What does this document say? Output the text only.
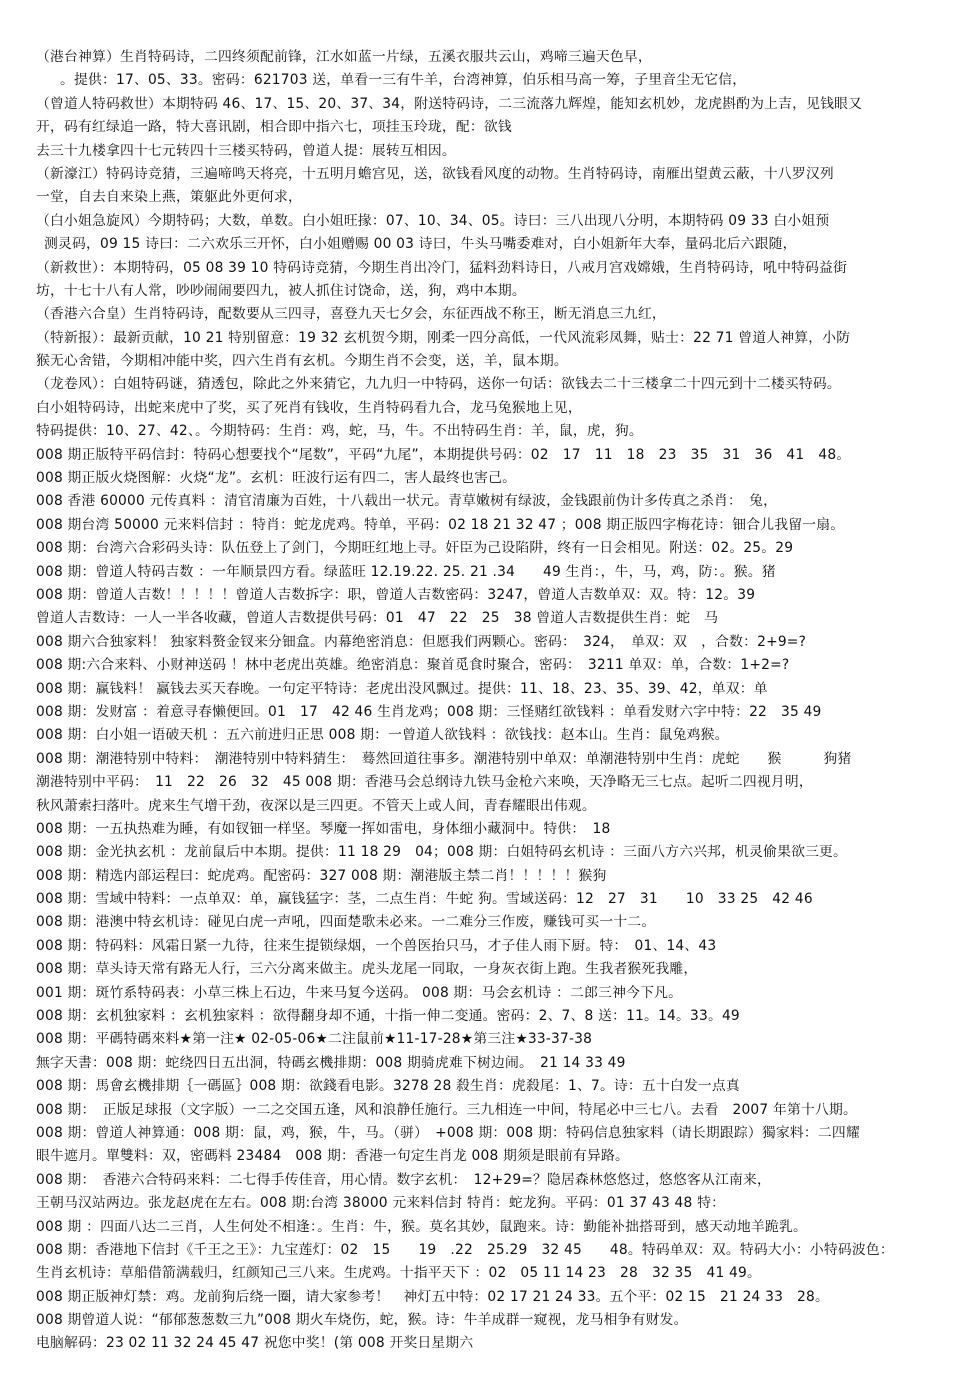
（港台神算）生肖特码诗，二四终须配前锋，江水如蓝一片绿，五溪衣服共云山，鸡啼三遍天色早，
。提供：17、05、33。密码：621703 送，单看一三有牛羊，台湾神算，伯乐相马高一筹，子里音尘无它信，
（曾道人特码救世）本期特码 46、17、15、20、37、34，附送特码诗，二三流落九辉煌，能知玄机妙，龙虎斟酌为上吉，见钱眼又
开，码有红绿追一路，特大喜讯剧，相合即中指六七，项挂玉玲珑，配：欲钱
去三十九楼拿四十七元转四十三楼买特码，曾道人提：展转互相因。
（新濠江）特码诗竞猜，三遍啼鸣天将亮，十五明月蟾宫见，送，欲钱看风度的动物。生肖特码诗，南雁出望黄云蔽，十八罗汉列
一堂，自去自来染上燕，策躯此外更何求，
（白小姐急旋风）今期特码；大数，单数。白小姐旺掾：07、10、34、05。诗曰：三八出现八分明，本期特码 09 33 白小姐预
测灵码，09 15 诗曰：二六欢乐三开怀，白小姐赠赐 00 03 诗曰，牛头马嘴委难对，白小姐新年大奉，量码北后六跟随，
（新救世）：本期特码，05 08 39 10 特码诗竞猜，今期生肖出冷门，猛料劲料诗日，八戒月宫戏嫦娥，生肖特码诗，吼中特码益街
坊，十七十八有人常，吵吵闹闹要四九，被人抓住讨饶命，送，狗，鸡中本期。
（香港六合皇）生肖特码诗，配数要从三四寻，喜登九天七夕会，东征西战不称王，断无消息三九红，
（特新报）：最新贡献，10 21 特别留意：19 32 玄机贺今期，刚柔一四分高低，一代风流彩凤舞，贴士：22 71 曾道人神算，小防
猴无心舍错，今期相冲能中奖，四六生肖有玄机。今期生肖不会变，送，羊，鼠本期。
（龙卷风）：白姐特码谜，猜透包，除此之外来猜它，九九归一中特码，送你一句话：欲钱去二十三楼拿二十四元到十二楼买特码。
白小姐特码诗，出蛇来虎中了奖，买了死肖有钱收，生肖特码看九合，龙马兔猴地上见，
特码提供：10、27、42、。今期特码：生肖：鸡，蛇，马，牛。不出特码生肖：羊，鼠，虎，狗。
008 期正版特平码信封：特码心想要找个“尾数”，平码“九尾”，本期提供号码：02　17　11　18　23　35　31　36　41　48。
008 期正版火烧图解：火烧“龙”。玄机：旺波行运有四二，害人最终也害己。
008 香港 60000 元传真料 ：清官清廉为百姓，十八载出一状元。青草嫩树有绿波，金钱跟前伪计多传真之杀肖：　兔，
008 期台湾 50000 元来料信封 ：特肖：蛇龙虎鸡。特单，平码：02 18 21 32 47 ；008 期正版四字梅花诗：钿合儿我留一扇。
008 期：台湾六合彩码头诗：队伍登上了剑门，今期旺红地上寻。奸臣为己设陷阱，终有一日会相见。附送：02。25。29
008 期：曾道人特码吉数 ：一年顺景四方看。绿蓝旺 12.19.22. 25. 21 .34　　49 生肖：，牛，马，鸡，防：。猴。猪
008 期：曾道人吉数！！！！！曾道人吉数拆字：职，曾道人吉数密码：3247，曾道人吉数单双：双。特：12。39
曾道人吉数诗：一人一半各收藏，曾道人吉数提供号码：01　47　22　25　38 曾道人吉数提供生肖：蛇　马
008 期六合独家料！ 独家料赘金钗来分钿盒。内幕绝密消息：但愿我们两颗心。密码：　324，　单双：双　，合数：2+9=?
008 期:六合来料、小财神送码 ！林中老虎出英雄。绝密消息：聚首觅食时聚合，密码：　3211 单双：单，合数：1+2=?
008 期：赢钱料！ 赢钱去买天春晚。一句定平特诗：老虎出没风飘过。提供：11、18、23、35、39、42，单双：单
008 期：发财富 ：着意寻春懒便回。01　17　42 46 生肖龙鸡；008 期：三怪赌红欲钱料 ：单看发财六字中特：22　35 49
008 期：白小姐一语破天机 ：五六前进归正思 008 期：一曾道人欲钱料 ：欲钱找：赵本山。生肖：鼠兔鸡猴。
008 期：潮港特别中特料：　潮港特别中特料猜生：　蓦然回道往事多。潮港特别中单双：单潮港特别中生肖：虎蛇　　猴　　　狗猪
潮港特别中平码：　11　22　26　32　45 008 期：香港马会总纲诗九铁马金枪六来唤，天净略无三七点。起听二四视月明，
秋风萧索扫落叶。虎来生气增干劲，夜深以是三四更。不管天上或人间，青春耀眼出伟观。
008 期：一五执热难为睡，有如钗钿一样坚。琴魔一挥如雷电，身体细小藏洞中。特供：　18
008 期：金光执玄机 ：龙前鼠后中本期。提供：11 18 29　04；008 期：白姐特码玄机诗 ：三面八方六兴邦，机灵偷果欲三更。
008 期：精选内部运程曰：蛇虎鸡。配密码：327 008 期：潮港版主禁二肖！！！！！猴狗
008 期：雪域中特料：一点单双：单，赢钱猛字：茎，二点生肖：牛蛇 狗。雪域送码：12　27　31　　10　33 25　42 46
008 期：港澳中特玄机诗：碰见白虎一声吼，四面楚歌未必来。一二难分三作废，赚钱可买一十二。
008 期：特码料：风霜日紧一九待，往来生提锁绿烟，一个兽医抬只马，才子佳人雨下厨。特：　01、14、43
008 期：草头诗天常有路无人行，三六分离来做主。虎头龙尾一同取，一身灰衣街上跑。生我者猴死我雕，
001 期：斑竹系特码表：小草三株上石边，牛来马复今送码。 008 期：马会玄机诗 ：二郎三神今下凡。
008 期：玄机独家料 ：玄机独家料 ：欲得翻身却不通，十指一伸二变通。密码：2、7、8 送：11。14。33。49
008 期：平碼特碼來料★第一注★ 02-05-06★二注鼠前★11-17-28★第三注★33-37-38
無字天書：008 期：蛇绕四日五出洞，特碼玄機排期：008 期骑虎难下树边闹。　21 14 33 49
008 期：馬會玄機排期｛一碼區｝008 期：欲錢看电影。3278 28 殺生肖：虎殺尾：1、7。诗：五十白发一点真
008 期：　正版足球报（文字版）一二之交国五逢，风和浪静任施行。三九相连一中间，特尾必中三七八。去看　2007 年第十八期。
008 期：曾道人神算通：008 期：鼠，鸡，猴，牛，马。（骈）　+008 期：008 期：特码信息独家料（请长期跟踪）獨家料：二四耀
眼牛遮月。單雙料：双，密碼料 23484　008 期：香港一句定生肖龙 008 期须是眼前有异路。
008 期：　香港六合特码来料：二七得手传佳音，用心情。数字玄机：　12+29=？隐居森林悠悠过，悠悠客从江南来，
王朝马汉站两边。张龙赵虎在左右。008 期:台湾 38000 元来料信封 特肖：蛇龙狗。平码：01 37 43 48 特：
008 期 ：四面八达二三肖，人生何处不相逢：。生肖：牛，猴。莫名其妙，鼠跑来。诗：勤能补拙搭哥到，感天动地羊跪乳。
008 期：香港地下信封《千王之王》：九宝莲灯：02　15　　19　.22　25.29　32 45　　48。特码单双：双。特码大小：小特码波色：
生肖玄机诗：草船借箭满载归，红颜知己三八来。生虎鸡。十指平天下 ：02　05 11 14 23　28　32 35　41 49。
008 期正版神灯禁：鸡。龙前狗后绕一圈，请大家参考！　神灯五中特：02 17 21 24 33。五个平：02 15　21 24 33　28。
008 期曾道人说：“郁郁葱葱数三九”008 期火车烧伤，蛇，猴。诗：牛羊成群一窥视，龙马相争有财发。
电脑解码：23 02 11 32 24 45 47 祝您中奖！(第 008 开奖日星期六
